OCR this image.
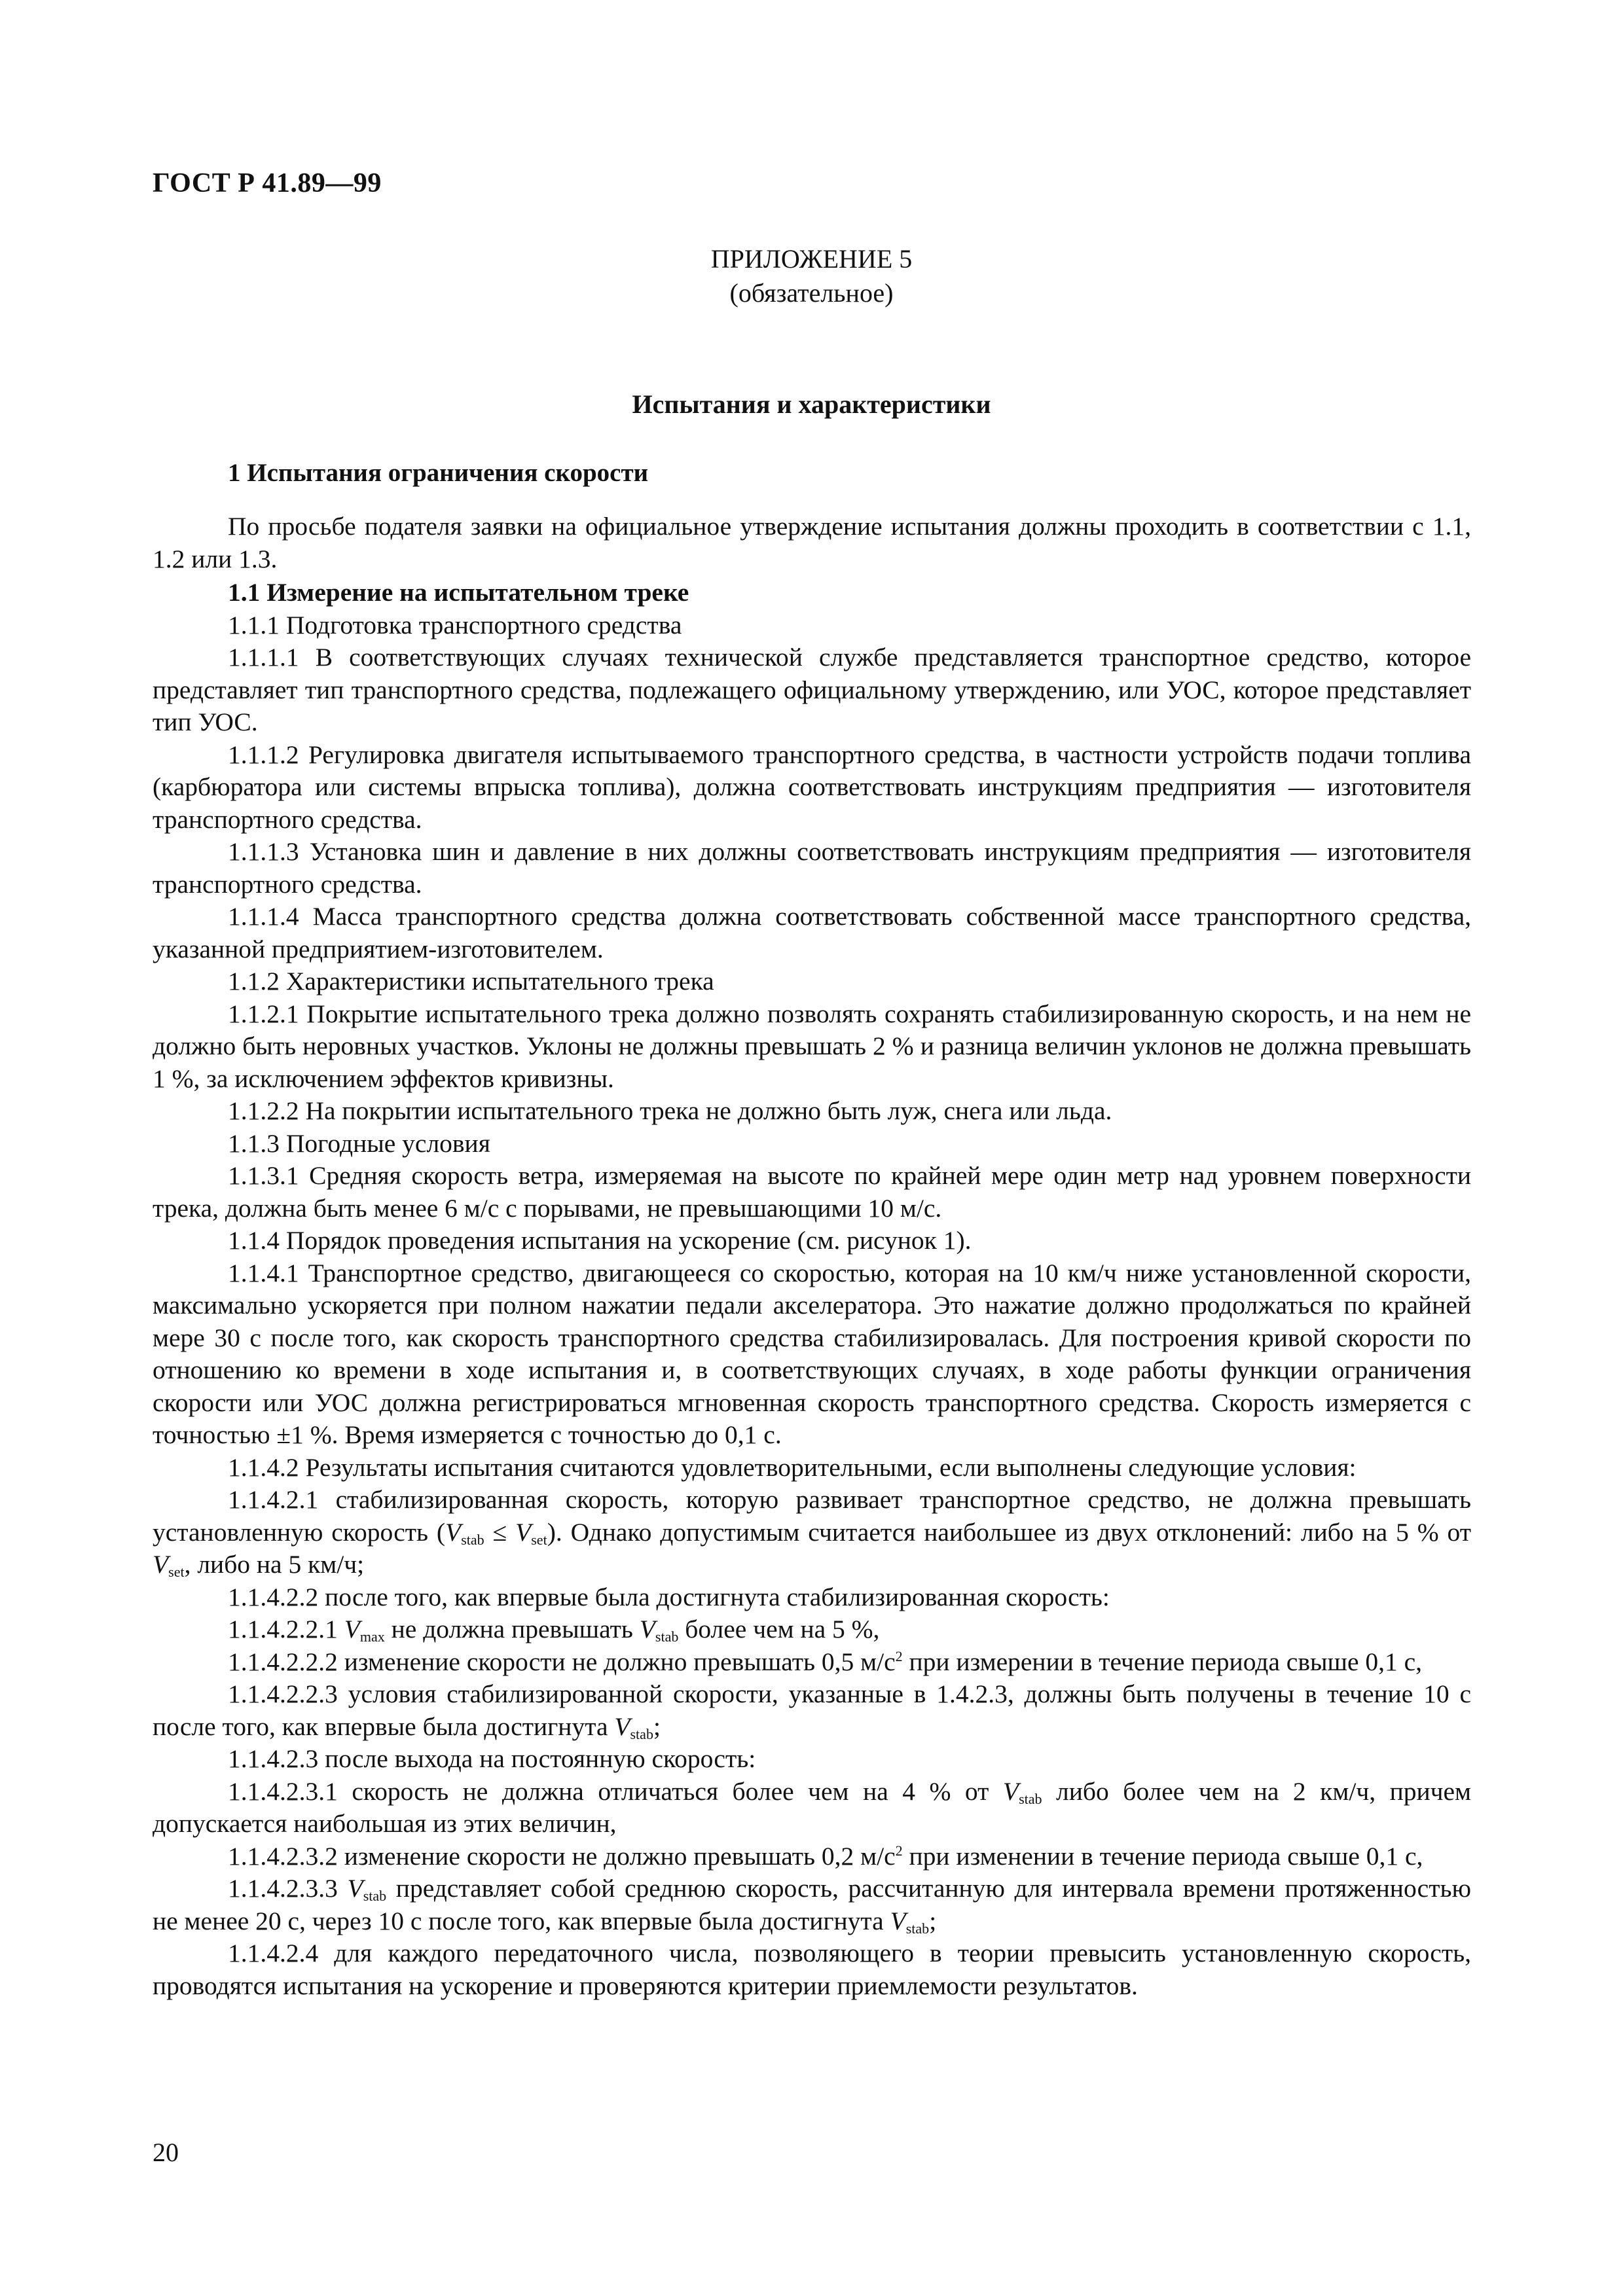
ГОСТ Р 41.89—99
ПРИЛОЖЕНИЕ 5
(обязательное)
Испытания и характеристики
1 Испытания ограничения скорости

По просьбе подателя заявки на официальное утверждение испытания должны проходить в соответствии с 1.1, 1.2 или 1.3.

1.1 Измерение на испытательном треке

1.1.1 Подготовка транспортного средства

1.1.1.1 В соответствующих случаях технической службе представляется транспортное средство, которое представляет тип транспортного средства, подлежащего официальному утверждению, или УОС, которое представляет тип УОС.

1.1.1.2 Регулировка двигателя испытываемого транспортного средства, в частности устройств подачи топлива (карбюратора или системы впрыска топлива), должна соответствовать инструкциям предприятия — изготовителя транспортного средства.

1.1.1.3 Установка шин и давление в них должны соответствовать инструкциям предприятия — изготовителя транспортного средства.

1.1.1.4 Масса транспортного средства должна соответствовать собственной массе транспортного средства, указанной предприятием-изготовителем.

1.1.2 Характеристики испытательного трека

1.1.2.1 Покрытие испытательного трека должно позволять сохранять стабилизированную скорость, и на нем не должно быть неровных участков. Уклоны не должны превышать 2 % и разница величин уклонов не должна превышать 1 %, за исключением эффектов кривизны.

1.1.2.2 На покрытии испытательного трека не должно быть луж, снега или льда.

1.1.3 Погодные условия

1.1.3.1 Средняя скорость ветра, измеряемая на высоте по крайней мере один метр над уровнем поверхности трека, должна быть менее 6 м/с с порывами, не превышающими 10 м/с.

1.1.4 Порядок проведения испытания на ускорение (см. рисунок 1).

1.1.4.1 Транспортное средство, двигающееся со скоростью, которая на 10 км/ч ниже установленной скорости, максимально ускоряется при полном нажатии педали акселератора. Это нажатие должно продолжаться по крайней мере 30 с после того, как скорость транспортного средства стабилизировалась. Для построения кривой скорости по отношению ко времени в ходе испытания и, в соответствующих случаях, в ходе работы функции ограничения скорости или УОС должна регистрироваться мгновенная скорость транспортного средства. Скорость измеряется с точностью ±1 %. Время измеряется с точностью до 0,1 с.

1.1.4.2 Результаты испытания считаются удовлетворительными, если выполнены следующие условия:

1.1.4.2.1 стабилизированная скорость, которую развивает транспортное средство, не должна превышать установленную скорость $(V_{stab} \le V_{set})$. Однако допустимым считается наибольшее из двух отклонений: либо на 5 % от $V_{set}$, либо на 5 км/ч;

1.1.4.2.2 после того, как впервые была достигнута стабилизированная скорость:

1.1.4.2.2.1 $V_{max}$ не должна превышать $V_{stab}$ более чем на 5 %,

1.1.4.2.2.2 изменение скорости не должно превышать 0,5 $м/с^2$ при измерении в течение периода свыше 0,1 с,

1.1.4.2.2.3 условия стабилизированной скорости, указанные в 1.4.2.3, должны быть получены в течение 10 с после того, как впервые была достигнута $V_{stab}$;

1.1.4.2.3 после выхода на постоянную скорость:

1.1.4.2.3.1 скорость не должна отличаться более чем на 4 % от $V_{stab}$ либо более чем на 2 км/ч, причем допускается наибольшая из этих величин,

1.1.4.2.3.2 изменение скорости не должно превышать 0,2 $м/с^2$ при изменении в течение периода свыше 0,1 с,

1.1.4.2.3.3 $V_{stab}$ представляет собой среднюю скорость, рассчитанную для интервала времени протяженностью не менее 20 с, через 10 с после того, как впервые была достигнута $V_{stab}$;

1.1.4.2.4 для каждого передаточного числа, позволяющего в теории превысить установленную скорость, проводятся испытания на ускорение и проверяются критерии приемлемости результатов.

20
